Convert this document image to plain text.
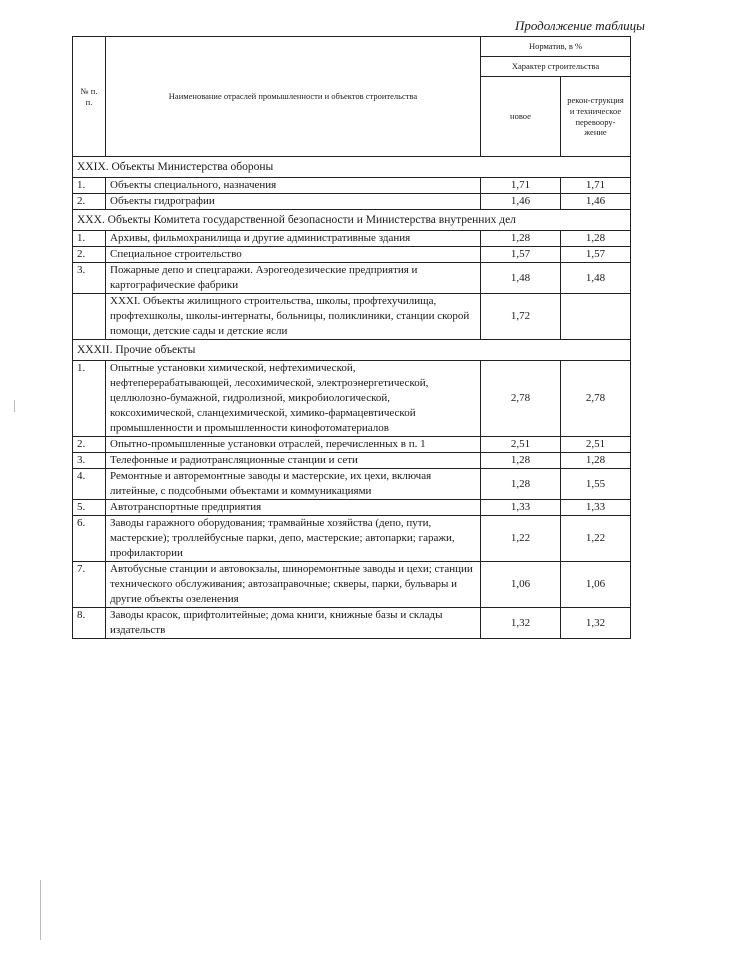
Продолжение таблицы
№ п. п.	Наименование отраслей промышленности и объектов строительства	Норматив, в %	
		Характер строительства	
		новое	рекон-струкция и техническое перевоору-жение
XXIX. Объекты Министерства обороны			
1.	Объекты специального, назначения	1,71	1,71
2.	Объекты гидрографии	1,46	1,46
XXX. Объекты Комитета государственной безопасности и Министерства внутренних дел			
1.	Архивы, фильмохранилища и другие административные здания	1,28	1,28
2.	Специальное строительство	1,57	1,57
3.	Пожарные депо и спецгаражи. Аэрогеодезические предприятия и картографические фабрики	1,48	1,48
	XXXI. Объекты жилищного строительства, школы, профтехучилища, профтехшколы, школы-интернаты, больницы, поликлиники, станции скорой помощи, детские сады и детские ясли	1,72	
XXXII. Прочие объекты			
1.	Опытные установки химической, нефтехимической, нефтеперерабатывающей, лесохимической, электроэнергетической, целлюлозно-бумажной, гидролизной, микробиологической, коксохимической, сланцехимической, химико-фармацевтической промышленности и промышленности кинофотоматериалов	2,78	2,78
2.	Опытно-промышленные установки отраслей, перечисленных в п. 1	2,51	2,51
3.	Телефонные и радиотрансляционные станции и сети	1,28	1,28
4.	Ремонтные и авторемонтные заводы и мастерские, их цехи, включая литейные, с подсобными объектами и коммуникациями	1,28	1,55
5.	Автотранспортные предприятия	1,33	1,33
6.	Заводы гаражного оборудования; трамвайные хозяйства (депо, пути, мастерские); троллейбусные парки, депо, мастерские; автопарки; гаражи, профилактории	1,22	1,22
7.	Автобусные станции и автовокзалы, шиноремонтные заводы и цехи; станции технического обслуживания; автозаправочные; скверы, парки, бульвары и другие объекты озеленения	1,06	1,06
8.	Заводы красок, шрифтолитейные; дома книги, книжные базы и склады издательств	1,32	1,32
